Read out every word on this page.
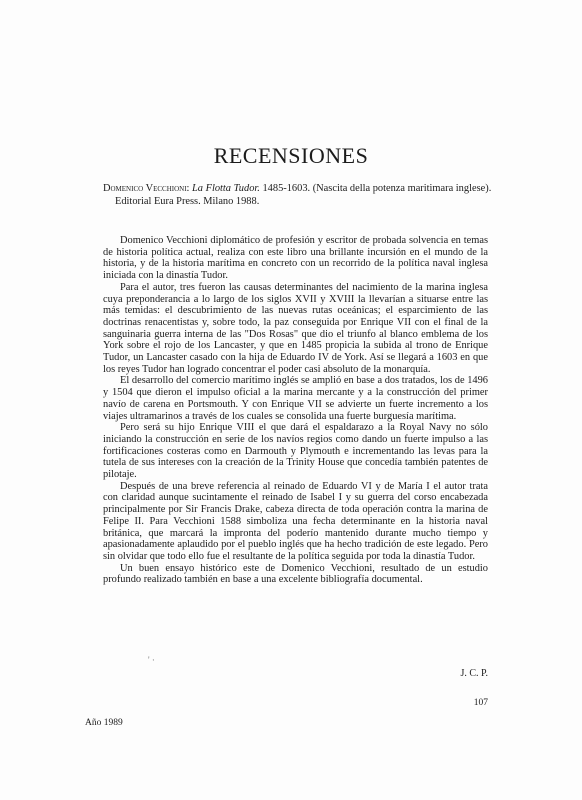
RECENSIONES

Domenico Vecchioni: La Flotta Tudor. 1485-1603. (Nascita della potenza maritimara inglese). Editorial Eura Press. Milano 1988.

Domenico Vecchioni diplomático de profesión y escritor de probada solvencia en temas de historia política actual, realiza con este libro una brillante incursión en el mundo de la historia, y de la historia marítima en concreto con un recorrido de la política naval inglesa iniciada con la dinastía Tudor.

Para el autor, tres fueron las causas determinantes del nacimiento de la marina inglesa cuya preponderancia a lo largo de los siglos XVII y XVIII la llevarían a situarse entre las más temidas: el descubrimiento de las nuevas rutas oceánicas; el esparcimiento de las doctrinas renacentistas y, sobre todo, la paz conseguida por Enrique VII con el final de la sanguinaria guerra interna de las "Dos Rosas" que dio el triunfo al blanco emblema de los York sobre el rojo de los Lancaster, y que en 1485 propicia la subida al trono de Enrique Tudor, un Lancaster casado con la hija de Eduardo IV de York. Así se llegará a 1603 en que los reyes Tudor han logrado concentrar el poder casi absoluto de la monarquía.

El desarrollo del comercio marítimo inglés se amplió en base a dos tratados, los de 1496 y 1504 que dieron el impulso oficial a la marina mercante y a la construcción del primer navío de carena en Portsmouth. Y con Enrique VII se advierte un fuerte incremento a los viajes ultramarinos a través de los cuales se consolida una fuerte burguesía marítima.

Pero será su hijo Enrique VIII el que dará el espaldarazo a la Royal Navy no sólo iniciando la construcción en serie de los navíos regios como dando un fuerte impulso a las fortificaciones costeras como en Darmouth y Plymouth e incrementando las levas para la tutela de sus intereses con la creación de la Trinity House que concedía también patentes de pilotaje.

Después de una breve referencia al reinado de Eduardo VI y de María I el autor trata con claridad aunque sucintamente el reinado de Isabel I y su guerra del corso encabezada principalmente por Sir Francis Drake, cabeza directa de toda operación contra la marina de Felipe II. Para Vecchioni 1588 simboliza una fecha determinante en la historia naval británica, que marcará la impronta del poderío mantenido durante mucho tiempo y apasionadamente aplaudido por el pueblo inglés que ha hecho tradición de este legado. Pero sin olvidar que todo ello fue el resultante de la política seguida por toda la dinastía Tudor.

Un buen ensayo histórico este de Domenico Vecchioni, resultado de un estudio profundo realizado también en base a una excelente bibliografía documental.

J. C. P.

' ·

107

Año 1989
